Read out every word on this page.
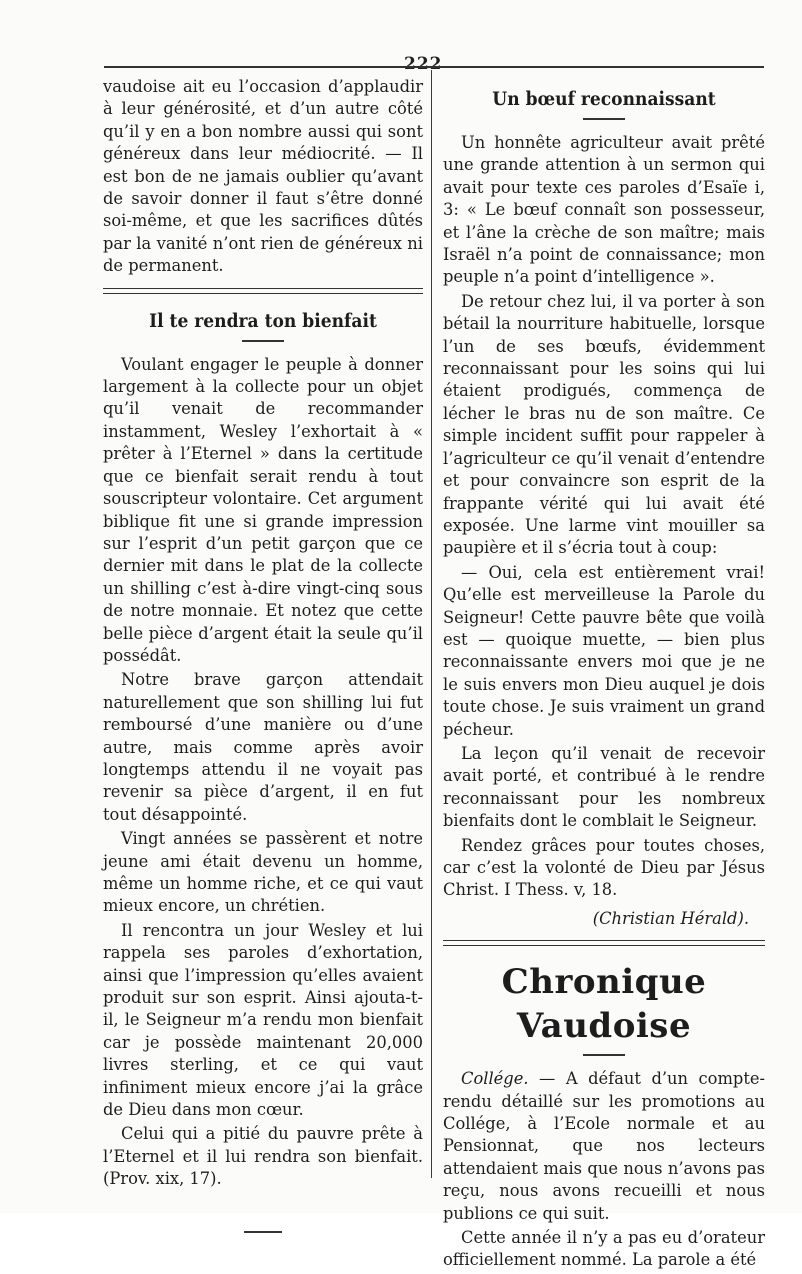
222

vaudoise ait eu l’occasion d’applaudir à leur générosité, et d’un autre côté qu’il y en a bon nombre aussi qui sont généreux dans leur médiocrité. — Il est bon de ne jamais oublier qu’avant de savoir donner il faut s’être donné soi-même, et que les sacrifices dûtés par la vanité n’ont rien de généreux ni de permanent.

Il te rendra ton bienfait

Voulant engager le peuple à donner largement à la collecte pour un objet qu’il venait de recommander instamment, Wesley l’exhortait à « prêter à l’Eternel » dans la certitude que ce bienfait serait rendu à tout souscripteur volontaire. Cet argument biblique fit une si grande impression sur l’esprit d’un petit garçon que ce dernier mit dans le plat de la collecte un shilling c’est à-dire vingt-cinq sous de notre monnaie. Et notez que cette belle pièce d’argent était la seule qu’il possédât.

Notre brave garçon attendait naturellement que son shilling lui fut remboursé d’une manière ou d’une autre, mais comme après avoir longtemps attendu il ne voyait pas revenir sa pièce d’argent, il en fut tout désappointé.

Vingt années se passèrent et notre jeune ami était devenu un homme, même un homme riche, et ce qui vaut mieux encore, un chrétien.

Il rencontra un jour Wesley et lui rappela ses paroles d’exhortation, ainsi que l’impression qu’elles avaient produit sur son esprit. Ainsi ajouta-t-il, le Seigneur m’a rendu mon bienfait car je possède maintenant 20,000 livres sterling, et ce qui vaut infiniment mieux encore j’ai la grâce de Dieu dans mon cœur.

Celui qui a pitié du pauvre prête à l’Eternel et il lui rendra son bienfait. (Prov. xix, 17).

Un bœuf reconnaissant

Un honnête agriculteur avait prêté une grande attention à un sermon qui avait pour texte ces paroles d’Esaïe i, 3: « Le bœuf connaît son possesseur, et l’âne la crèche de son maître; mais Israël n’a point de connaissance; mon peuple n’a point d’intelligence ».

De retour chez lui, il va porter à son bétail la nourriture habituelle, lorsque l’un de ses bœufs, évidemment reconnaissant pour les soins qui lui étaient prodigués, commença de lécher le bras nu de son maître. Ce simple incident suffit pour rappeler à l’agriculteur ce qu’il venait d’entendre et pour convaincre son esprit de la frappante vérité qui lui avait été exposée. Une larme vint mouiller sa paupière et il s’écria tout à coup:

— Oui, cela est entièrement vrai! Qu’elle est merveilleuse la Parole du Seigneur! Cette pauvre bête que voilà est — quoique muette, — bien plus reconnaissante envers moi que je ne le suis envers mon Dieu auquel je dois toute chose. Je suis vraiment un grand pécheur.

La leçon qu’il venait de recevoir avait porté, et contribué à le rendre reconnaissant pour les nombreux bienfaits dont le comblait le Seigneur.

Rendez grâces pour toutes choses, car c’est la volonté de Dieu par Jésus Christ. I Thess. v, 18.

(Christian Hérald).
Chronique Vaudoise

Collége. — A défaut d’un compte-rendu détaillé sur les promotions au Collége, à l’Ecole normale et au Pensionnat, que nos lecteurs attendaient mais que nous n’avons pas reçu, nous avons recueilli et nous publions ce qui suit.

Cette année il n’y a pas eu d’orateur officiellement nommé. La parole a été
